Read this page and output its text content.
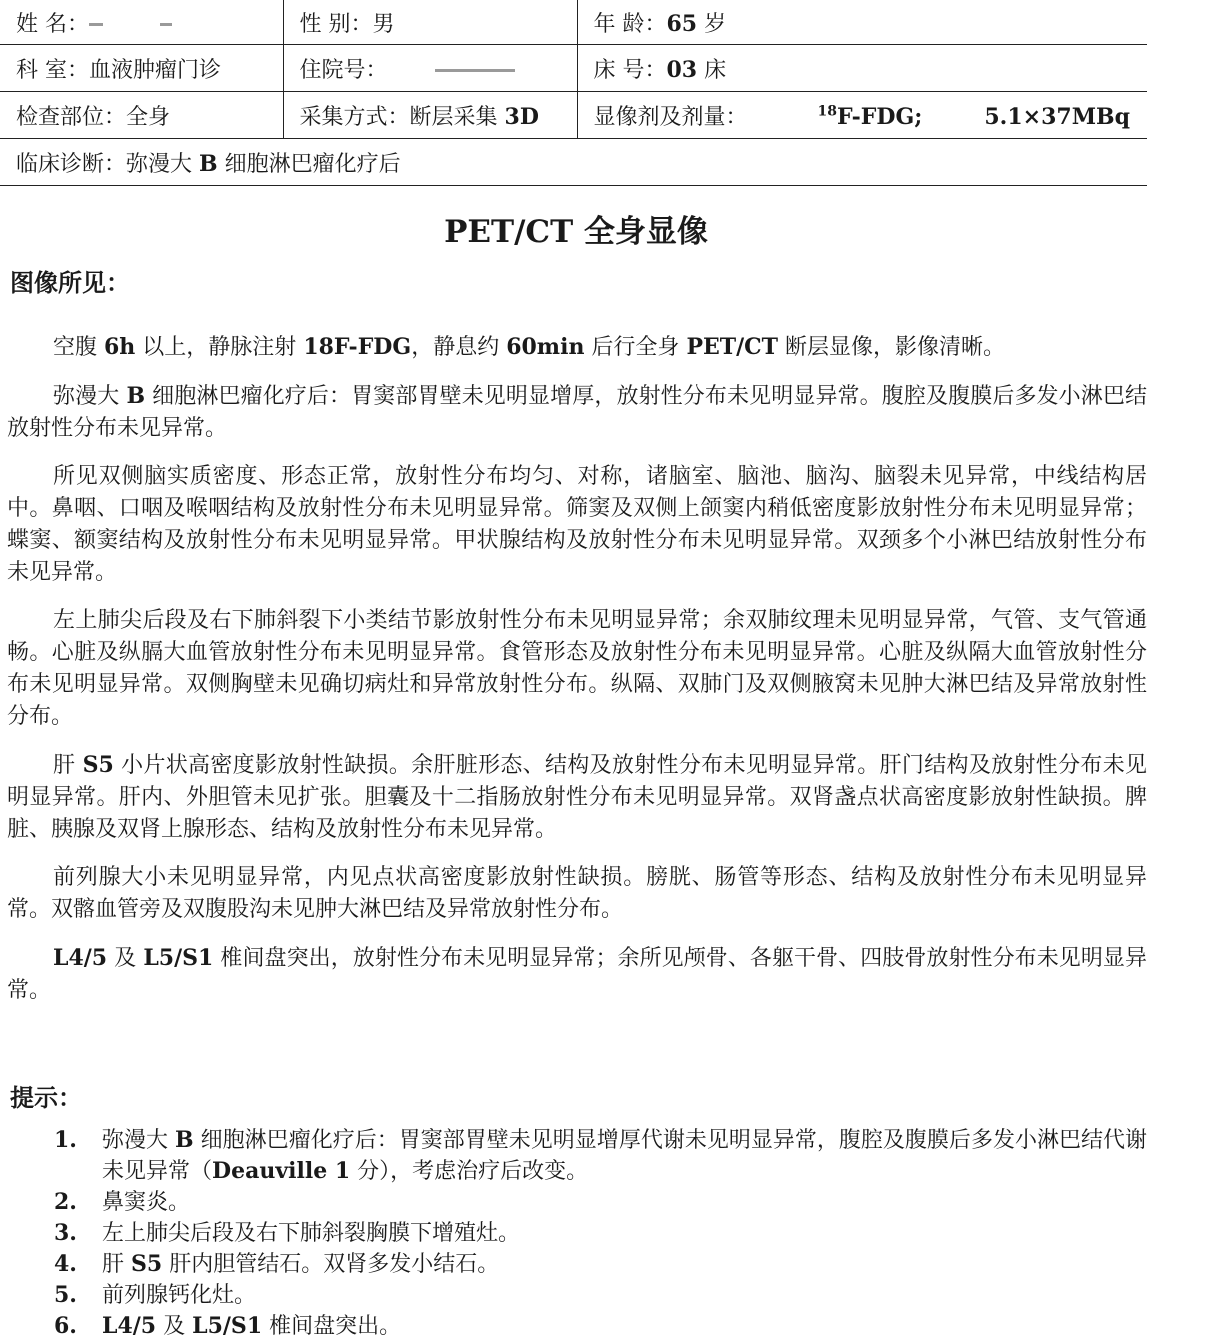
姓 名：	性 别：男	年 龄：65 岁
科 室：血液肿瘤门诊	住院号：	床 号：03 床
检查部位：全身	采集方式：断层采集 3D	显像剂及剂量： $^{18}$F-FDG; 5.1×37MBq
临床诊断：弥漫大 B 细胞淋巴瘤化疗后		
PET/CT 全身显像
图像所见：

空腹 6h 以上，静脉注射 18F-FDG，静息约 60min 后行全身 PET/CT 断层显像，影像清晰。

弥漫大 B 细胞淋巴瘤化疗后：胃窦部胃壁未见明显增厚，放射性分布未见明显异常。腹腔及腹膜后多发小淋巴结放射性分布未见异常。

所见双侧脑实质密度、形态正常，放射性分布均匀、对称，诸脑室、脑池、脑沟、脑裂未见异常，中线结构居中。鼻咽、口咽及喉咽结构及放射性分布未见明显异常。筛窦及双侧上颌窦内稍低密度影放射性分布未见明显异常；蝶窦、额窦结构及放射性分布未见明显异常。甲状腺结构及放射性分布未见明显异常。双颈多个小淋巴结放射性分布未见异常。

左上肺尖后段及右下肺斜裂下小类结节影放射性分布未见明显异常；余双肺纹理未见明显异常，气管、支气管通畅。心脏及纵膈大血管放射性分布未见明显异常。食管形态及放射性分布未见明显异常。心脏及纵隔大血管放射性分布未见明显异常。双侧胸壁未见确切病灶和异常放射性分布。纵隔、双肺门及双侧腋窝未见肿大淋巴结及异常放射性分布。

肝 S5 小片状高密度影放射性缺损。余肝脏形态、结构及放射性分布未见明显异常。肝门结构及放射性分布未见明显异常。肝内、外胆管未见扩张。胆囊及十二指肠放射性分布未见明显异常。双肾盏点状高密度影放射性缺损。脾脏、胰腺及双肾上腺形态、结构及放射性分布未见异常。

前列腺大小未见明显异常，内见点状高密度影放射性缺损。膀胱、肠管等形态、结构及放射性分布未见明显异常。双髂血管旁及双腹股沟未见肿大淋巴结及异常放射性分布。

L4/5 及 L5/S1 椎间盘突出，放射性分布未见明显异常；余所见颅骨、各躯干骨、四肢骨放射性分布未见明显异常。

提示：
1. 弥漫大 B 细胞淋巴瘤化疗后：胃窦部胃壁未见明显增厚代谢未见明显异常，腹腔及腹膜后多发小淋巴结代谢未见异常（Deauville 1 分），考虑治疗后改变。
2. 鼻窦炎。
3. 左上肺尖后段及右下肺斜裂胸膜下增殖灶。
4. 肝 S5 肝内胆管结石。双肾多发小结石。
5. 前列腺钙化灶。
6. L4/5 及 L5/S1 椎间盘突出。
